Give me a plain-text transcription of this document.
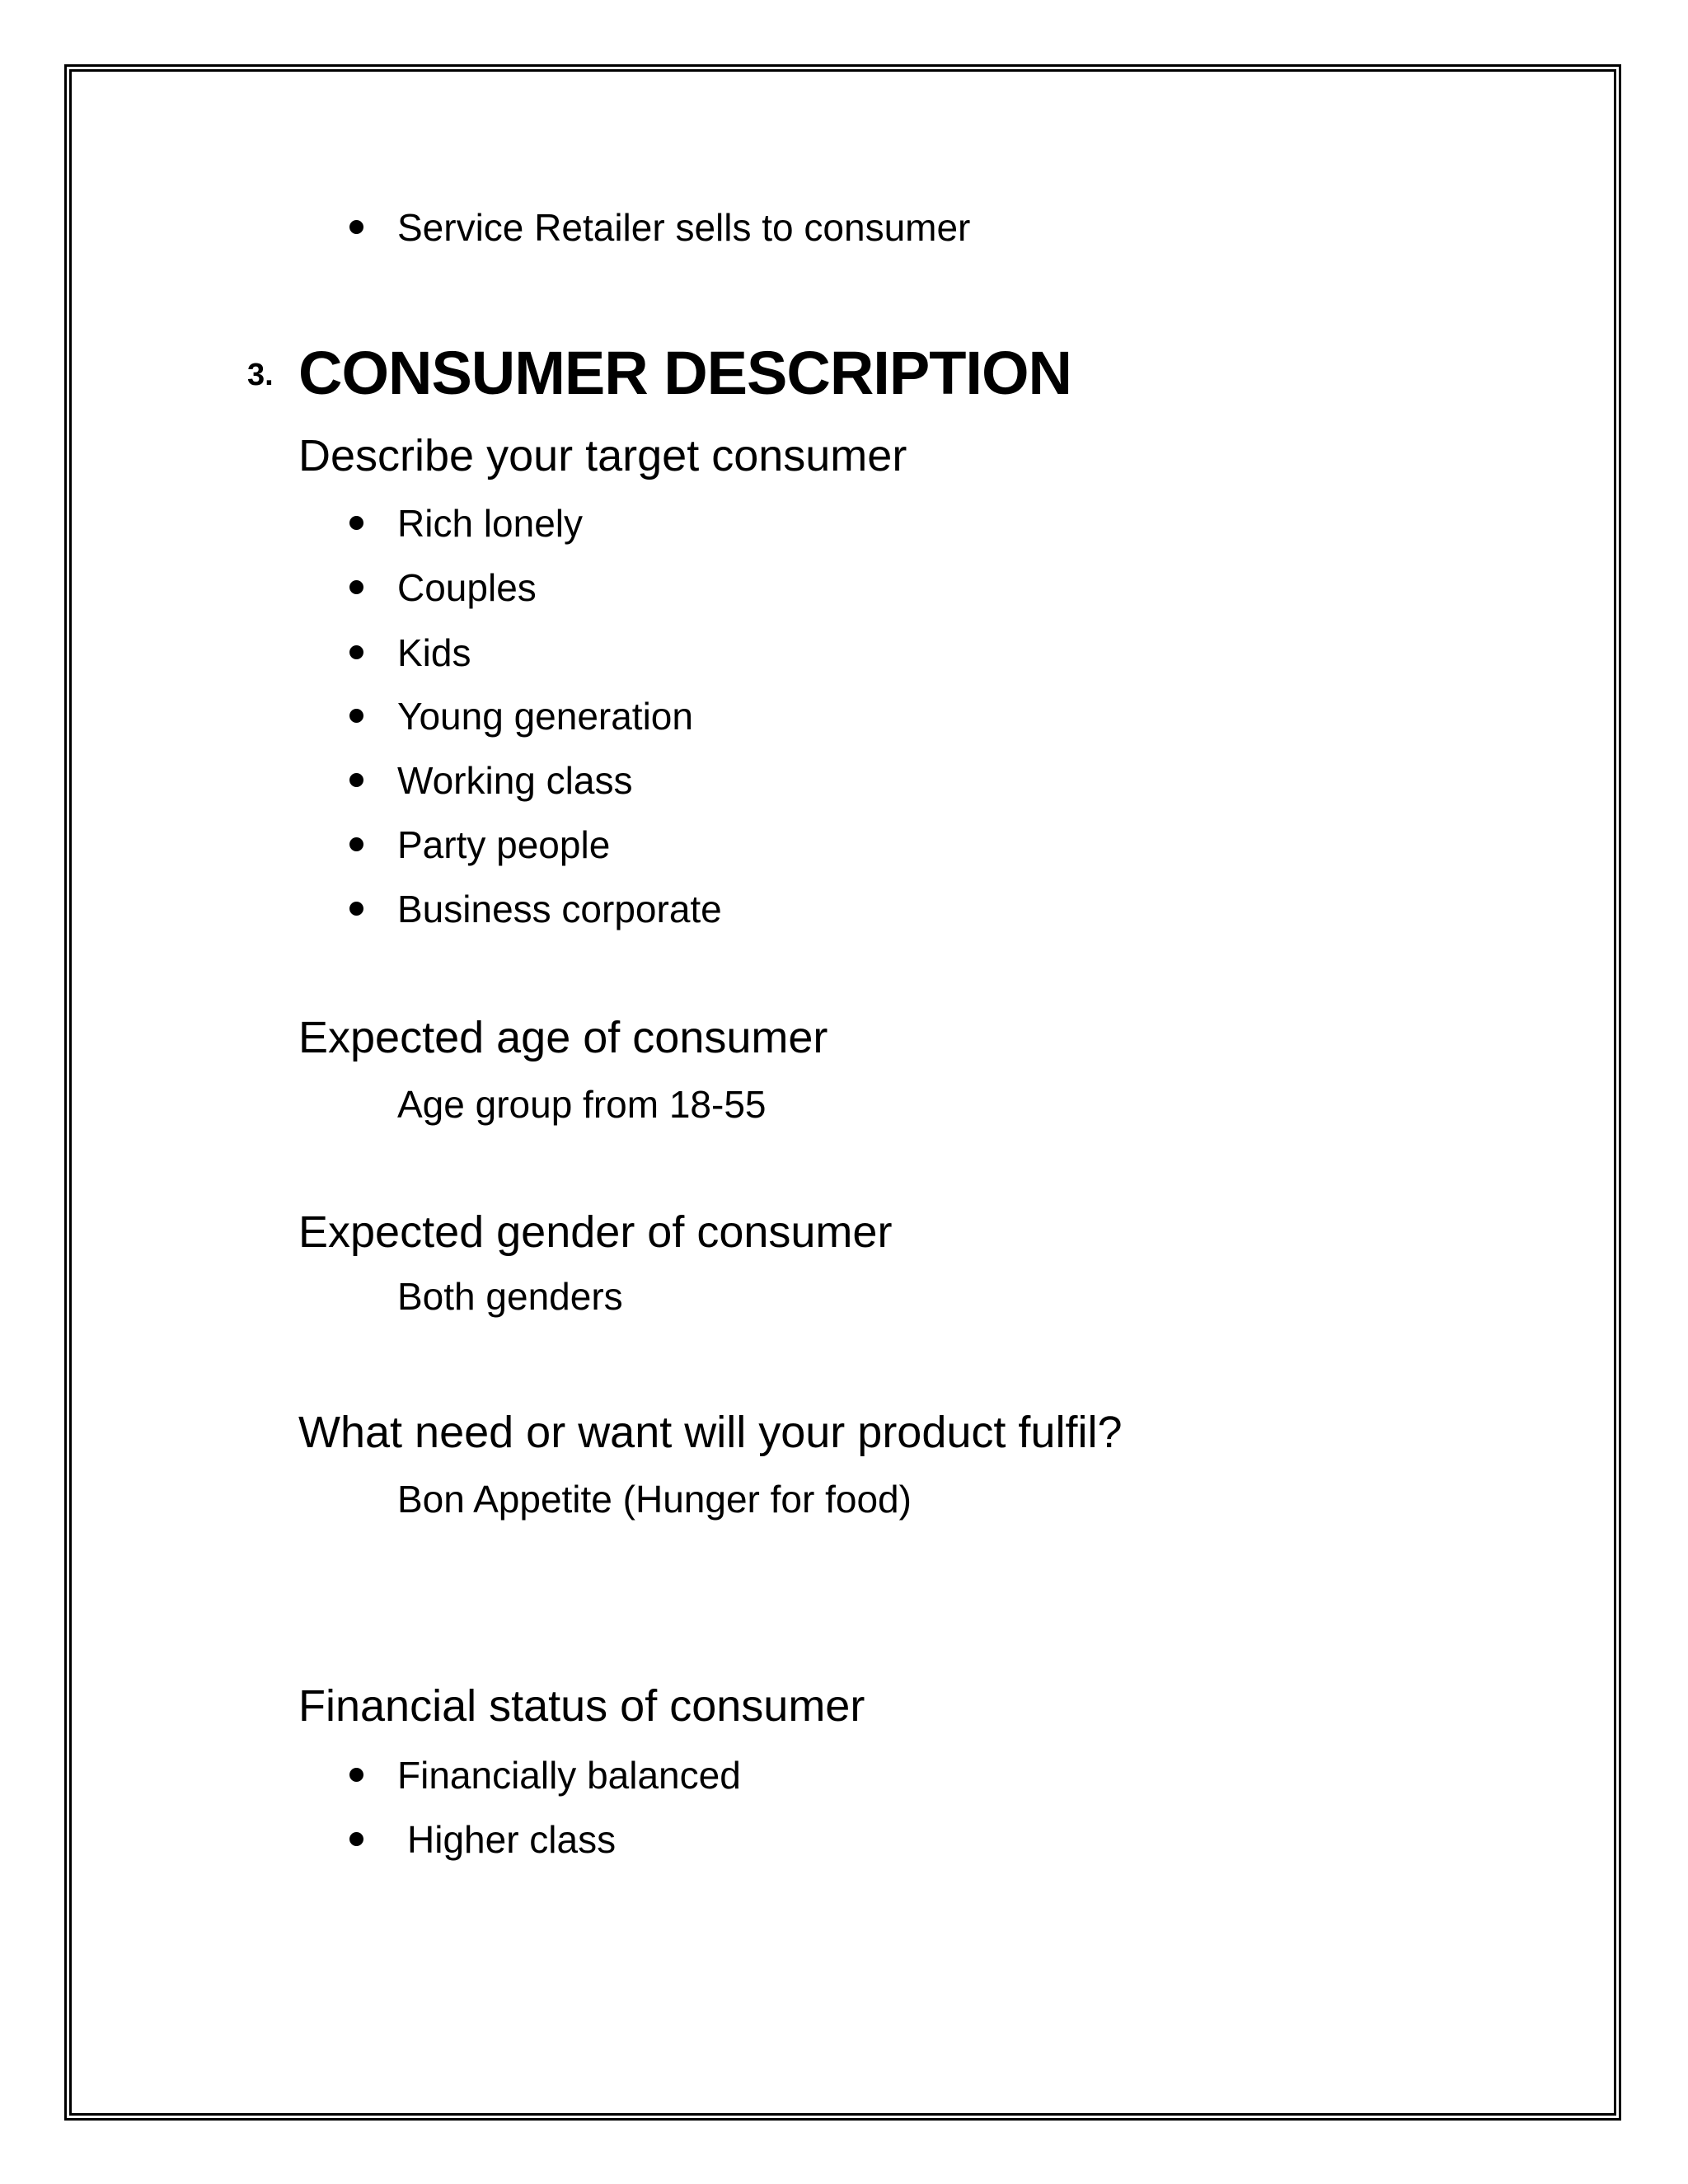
Service Retailer sells to consumer
3. CONSUMER DESCRIPTION
Describe your target consumer
Rich lonely
Couples
Kids
Young generation
Working class
Party people
Business corporate
Expected age of consumer
Age group from 18-55
Expected gender of consumer
Both genders
What need or want will your product fulfil?
Bon Appetite (Hunger for food)
Financial status of consumer
Financially balanced
Higher class
